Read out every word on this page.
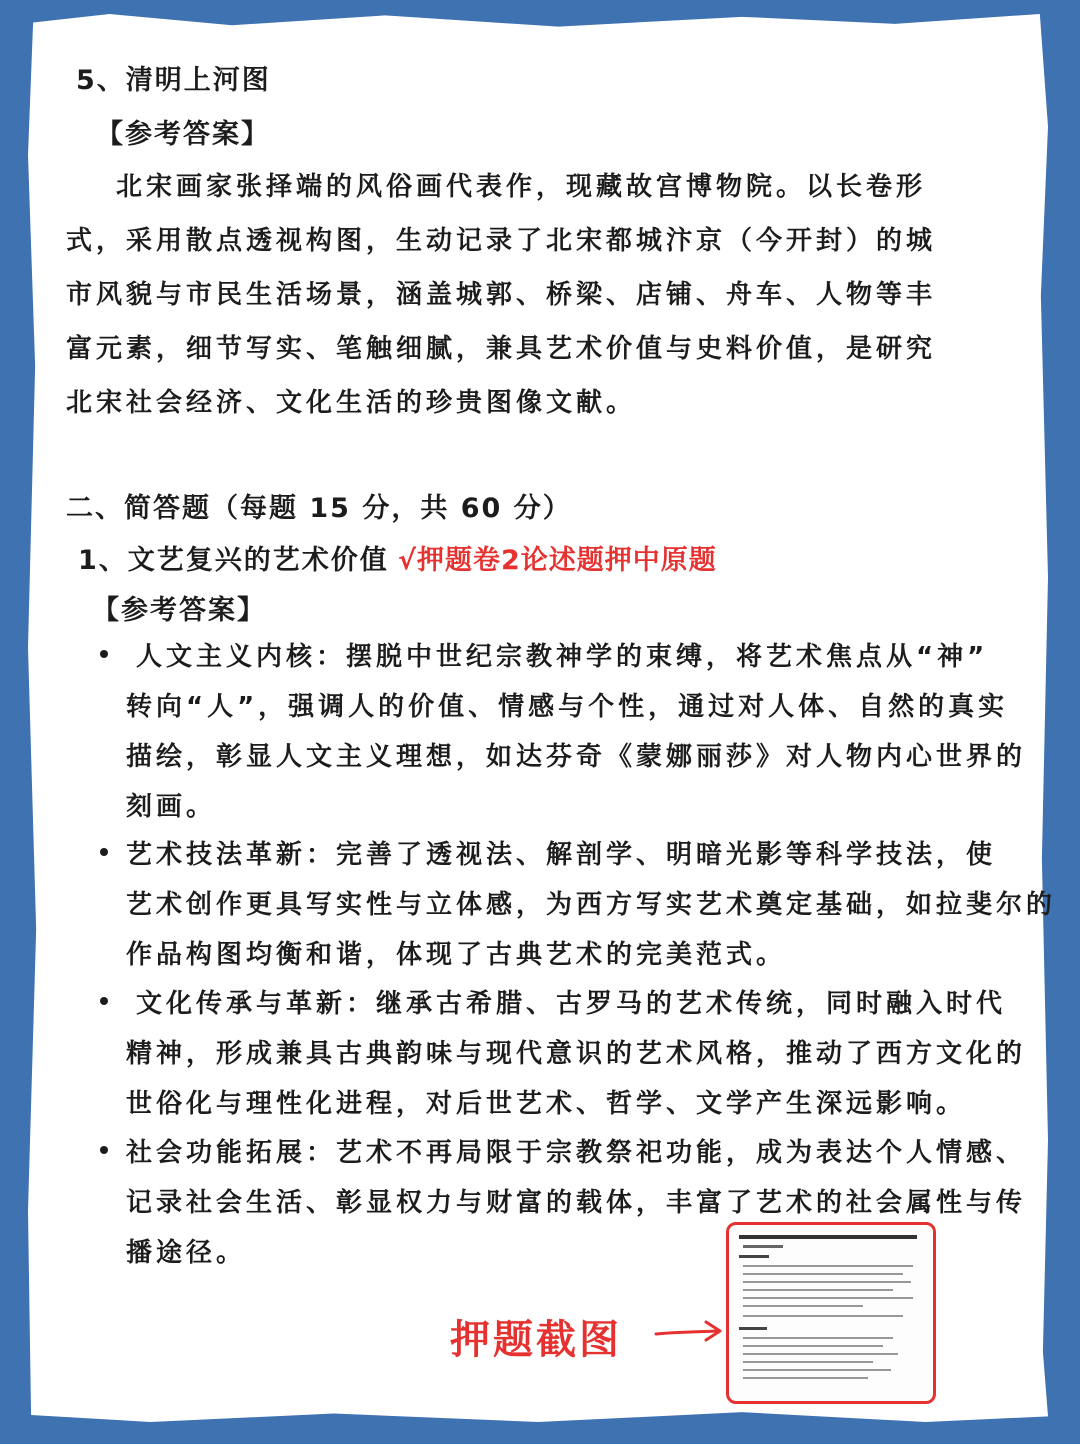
5、清明上河图
【参考答案】
北宋画家张择端的风俗画代表作，现藏故宫博物院。以长卷形
式，采用散点透视构图，生动记录了北宋都城汴京（今开封）的城
市风貌与市民生活场景，涵盖城郭、桥梁、店铺、舟车、人物等丰
富元素，细节写实、笔触细腻，兼具艺术价值与史料价值，是研究
北宋社会经济、文化生活的珍贵图像文献。
二、简答题（每题 15 分，共 60 分）
1、文艺复兴的艺术价值 √押题卷2论述题押中原题
【参考答案】
人文主义内核：摆脱中世纪宗教神学的束缚，将艺术焦点从“神”
转向“人”，强调人的价值、情感与个性，通过对人体、自然的真实
描绘，彰显人文主义理想，如达芬奇《蒙娜丽莎》对人物内心世界的
刻画。
艺术技法革新：完善了透视法、解剖学、明暗光影等科学技法，使
艺术创作更具写实性与立体感，为西方写实艺术奠定基础，如拉斐尔的
作品构图均衡和谐，体现了古典艺术的完美范式。
文化传承与革新：继承古希腊、古罗马的艺术传统，同时融入时代
精神，形成兼具古典韵味与现代意识的艺术风格，推动了西方文化的
世俗化与理性化进程，对后世艺术、哲学、文学产生深远影响。
社会功能拓展：艺术不再局限于宗教祭祀功能，成为表达个人情感、
记录社会生活、彰显权力与财富的载体，丰富了艺术的社会属性与传
播途径。
押题截图
